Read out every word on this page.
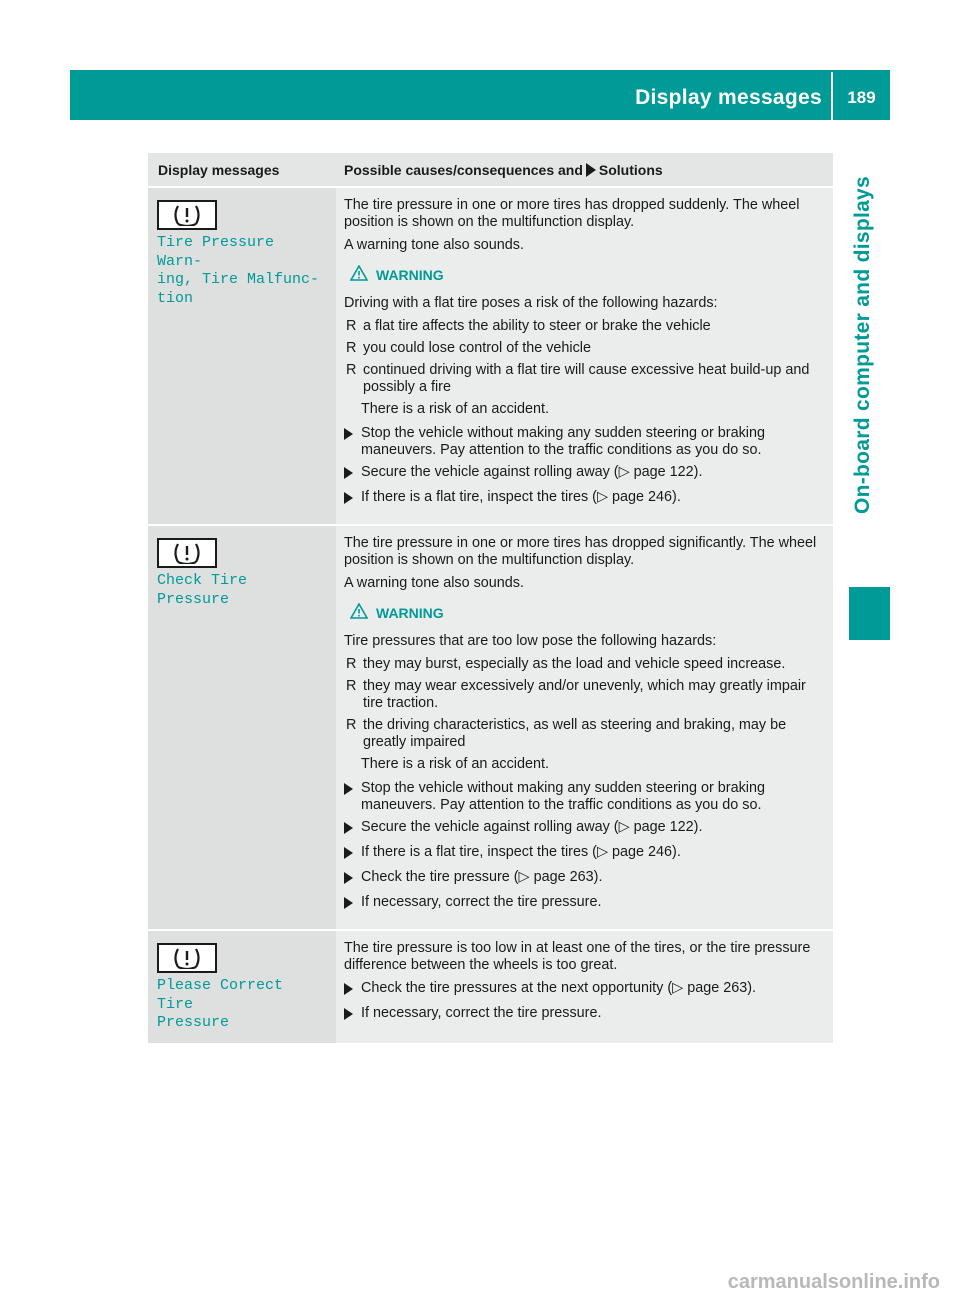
Display messages	189
On-board computer and displays
Display messages	Possible causes/consequences and Solutions
Tire Pressure Warn‐
ing, Tire Malfunc‐
tion

The tire pressure in one or more tires has dropped suddenly. The wheel position is shown on the multifunction display.

A warning tone also sounds.

WARNING

Driving with a flat tire poses a risk of the following hazards:

R a flat tire affects the ability to steer or brake the vehicle
R you could lose control of the vehicle
R continued driving with a flat tire will cause excessive heat build-up and possibly a fire

There is a risk of an accident.

Stop the vehicle without making any sudden steering or braking maneuvers. Pay attention to the traffic conditions as you do so.
Secure the vehicle against rolling away (▷ page 122).
If there is a flat tire, inspect the tires (▷ page 246).
Check Tire Pressure

The tire pressure in one or more tires has dropped significantly. The wheel position is shown on the multifunction display.

A warning tone also sounds.

WARNING

Tire pressures that are too low pose the following hazards:

R they may burst, especially as the load and vehicle speed increase.
R they may wear excessively and/or unevenly, which may greatly impair tire traction.
R the driving characteristics, as well as steering and braking, may be greatly impaired

There is a risk of an accident.

Stop the vehicle without making any sudden steering or braking maneuvers. Pay attention to the traffic conditions as you do so.
Secure the vehicle against rolling away (▷ page 122).
If there is a flat tire, inspect the tires (▷ page 246).
Check the tire pressure (▷ page 263).
If necessary, correct the tire pressure.
Please Correct Tire
Pressure

The tire pressure is too low in at least one of the tires, or the tire pressure difference between the wheels is too great.

Check the tire pressures at the next opportunity (▷ page 263).
If necessary, correct the tire pressure.
carmanualsonline.info
